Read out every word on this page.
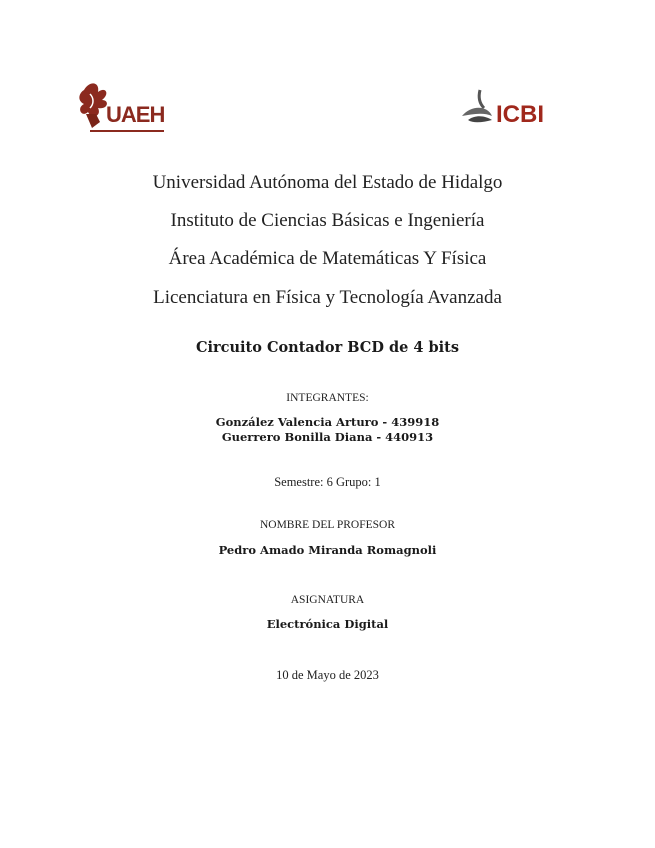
UAEH	ICBI
Universidad Autónoma del Estado de Hidalgo
Instituto de Ciencias Básicas e Ingeniería
Área Académica de Matemáticas Y Física
Licenciatura en Física y Tecnología Avanzada
Circuito Contador BCD de 4 bits
INTEGRANTES:
González Valencia Arturo - 439918
Guerrero Bonilla Diana - 440913
Semestre: 6 Grupo: 1
NOMBRE DEL PROFESOR
Pedro Amado Miranda Romagnoli
ASIGNATURA
Electrónica Digital
10 de Mayo de 2023
